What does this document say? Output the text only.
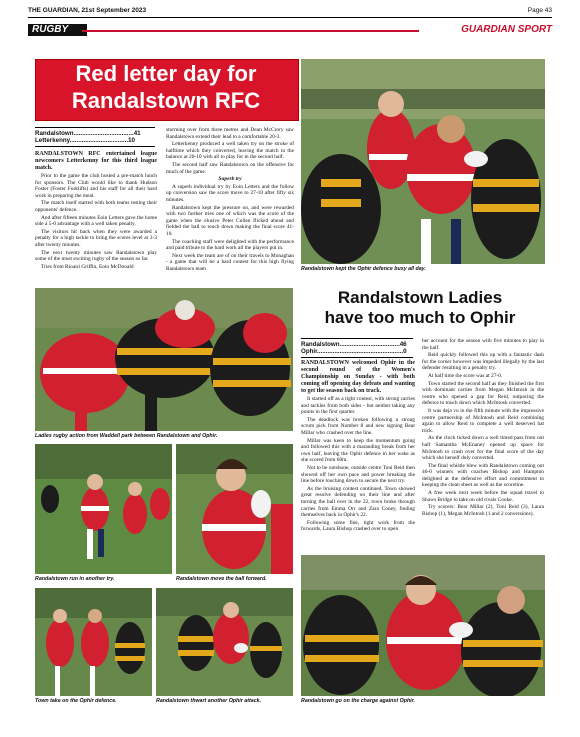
THE GUARDIAN, 21st September 2023	Page 43
RUGBY	GUARDIAN SPORT
Red letter day for
Randalstown RFC
Randalstown...................................41
Letterkenny..................................10

RANDALSTOWN RFC entertained league newcomers Letterkenny for this third league match.

Prior to the game the club hosted a pre-match lunch for sponsors. The Club would like to thank Hudson Foster (Foster Forklifts) and his staff for all their hard work in preparing the meal.

The match itself started with both teams testing their opponents' defence.

And after fifteen minutes Eoin Letters gave the home side a 5-0 advantage with a well taken penalty.

The visitors hit back when they were awarded a penalty for a high tackle to bring the scores level at 3-3 after twenty minutes.

The next twenty minutes saw Randalstown play some of the most exciting rugby of the season so far.

Tries from Rioairi Griffin, Eoin McDonald

storming over from three metres and Dean McCrory saw Randalstown extend their lead to a comfortable 20-3.

Letterkenny produced a well taken try on the stroke of halftime which they converted, leaving the match in the balance at 20-10 with all to play for in the second half.

The second half saw Randalstown on the offensive for much of the game.

Superb try

A superb individual try by Eoin Letters and the follow up conversion saw the score move to 27-10 after fifty six minutes.

Randalstown kept the pressure on, and were rewarded with two further tries one of which was the score of the game when the elusive Peter Cullen flicked ahead and fielded the ball to touch down making the final score 41-10.

The coaching staff were delighted with the performance and paid tribute to the hard work all the players put in.

Next week the team are of on their travels to Monaghan - a game that will be a hard contest for this high flying Randalstown team	Randalstown kept the Ophir defence busy all day.
Randalstown Ladies
have too much to Ophir
Randalstown...................................46
Ophir..................................................0

RANDALSTOWN welcomed Ophir in the second round of the Women's Championship on Sunday - with both coming off opening day defeats and wanting to get the season back on track.

It started off as a tight contest, with strong carries and tackles from both sides - but neither taking any points in the first quarter.

The deadlock was broken following a strong scrum pick from Number 8 and new signing Bear Millar who crashed over the line.

Millar was keen to keep the momentum going and followed this with a marauding break from her own half, leaving the Ophir defence in her wake as she scored from 60m.

Not to be outshone, outside centre Toni Reid then showed off her own pace and power breaking the line before touching down to secure the next try.

As the bruising contest continued, Town showed great resolve defending on their line and after turning the ball over in the 22, town broke through carries from Emma Orr and Zara Coney, finding themselves back in Ophir's 22.

Following some fine, tight work from the forwards, Laura Bishop crashed over to open

her account for the season with five minutes to play in the half.

Reid quickly followed this up with a fantastic dash for the corner however was impeded illegally by the last defender resulting in a penalty try.

At half time the score was at 27-0.

Town started the second half as they finished the first with dominant carries from Megan McIntosh in the centre who opened a gap for Reid, outpacing the defence to touch down which McIntosh converted.

It was deja vu in the fifth minute with the impressive centre partnership of McIntosh and Reid combining again to allow Reid to complete a well deserved hat trick.

As the clock ticked down a well timed pass from out half Samantha McEnaney opened up space for McIntosh to crash over for the final score of the day which she herself duly converted.

The final whistle blew with Randalstown coming out 46-0 winners with coaches Bishop and Hampton delighted at the defensive effort and commitment to keeping the clean sheet as well as the scoreline.

A free week next week before the squad travel to Shaws Bridge to take on old rivals Cooke.

Try scorers: Bear Millar (2), Toni Reid (3), Laura Bishop (1), Megan McIntosh (1 and 2 conversions).

Ladies rugby action from Waddell park between Randalstown and Ophir.
Randalstown run in another try.	Randalstown move the ball forward.
Town take on the Ophir defence.	Randalstown thwart another Ophir attack.	Randalstown go on the charge against Ophir.
